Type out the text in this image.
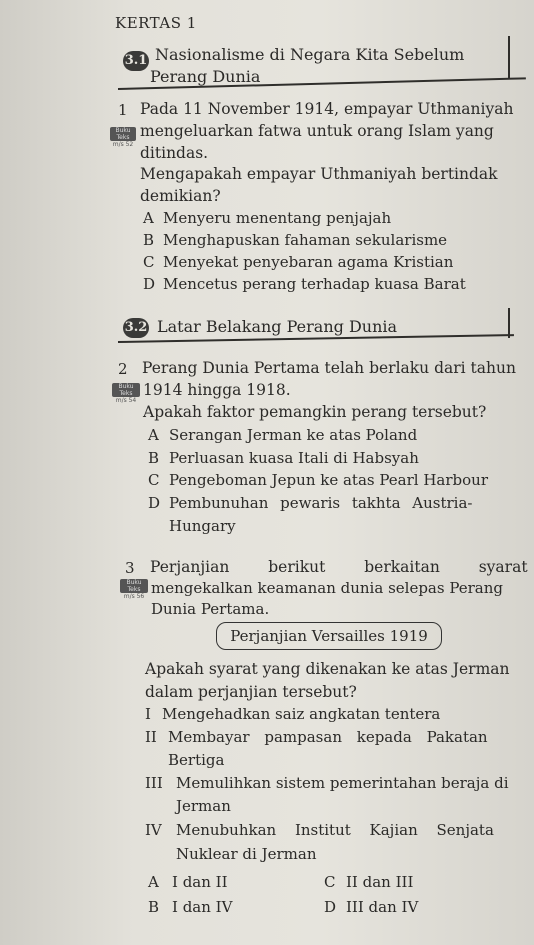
KERTAS 1
3.1 Nasionalisme di Negara Kita Sebelum
Perang Dunia
1 Pada 11 November 1914, empayar Uthmaniyah
Buku Teks
m/s 52
mengeluarkan fatwa untuk orang Islam yang
ditindas.
Mengapakah empayar Uthmaniyah bertindak
demikian?
A Menyeru menentang penjajah
B Menghapuskan fahaman sekularisme
C Menyekat penyebaran agama Kristian
D Mencetus perang terhadap kuasa Barat
3.2 Latar Belakang Perang Dunia
2 Perang Dunia Pertama telah berlaku dari tahun
Buku Teks
m/s 54
1914 hingga 1918.
Apakah faktor pemangkin perang tersebut?
A Serangan Jerman ke atas Poland
B Perluasan kuasa Itali di Habsyah
C Pengeboman Jepun ke atas Pearl Harbour
D Pembunuhan pewaris takhta Austria-
Hungary
3 Perjanjian berikut berkaitan syarat
Buku Teks
m/s 56 mengekalkan keamanan dunia selepas Perang
Dunia Pertama.
Perjanjian Versailles 1919
Apakah syarat yang dikenakan ke atas Jerman
dalam perjanjian tersebut?
I Mengehadkan saiz angkatan tentera
II Membayar pampasan kepada Pakatan
Bertiga
III Memulihkan sistem pemerintahan beraja di
Jerman
IV Menubuhkan Institut Kajian Senjata
Nuklear di Jerman
A I dan II	C II dan III
B I dan IV	D III dan IV
